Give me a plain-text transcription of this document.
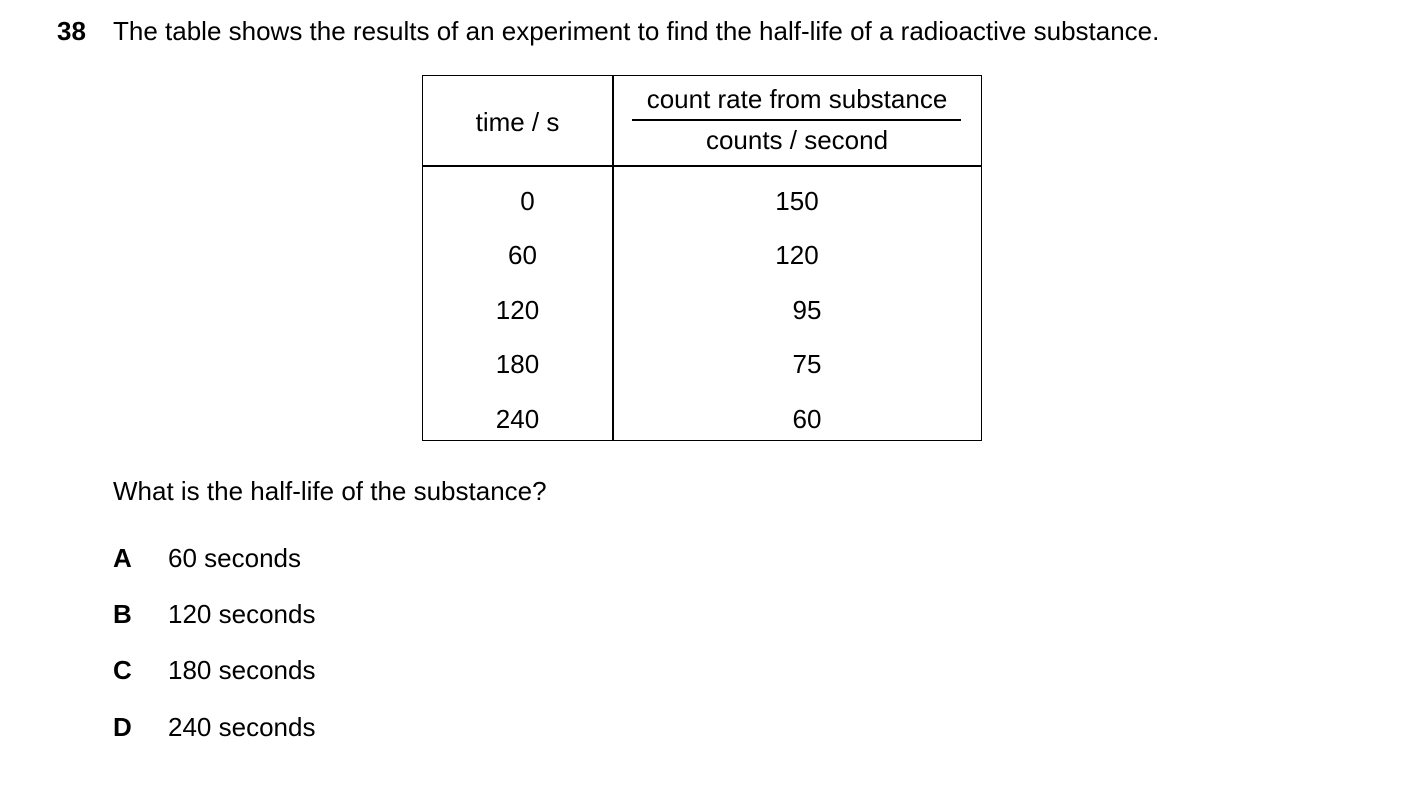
38 The table shows the results of an experiment to find the half-life of a radioactive substance.
time / s
count rate from substance
counts / second
0	150
60	120
120	95
180	75
240	60
What is the half-life of the substance?
A 60 seconds
B 120 seconds
C 180 seconds
D 240 seconds
